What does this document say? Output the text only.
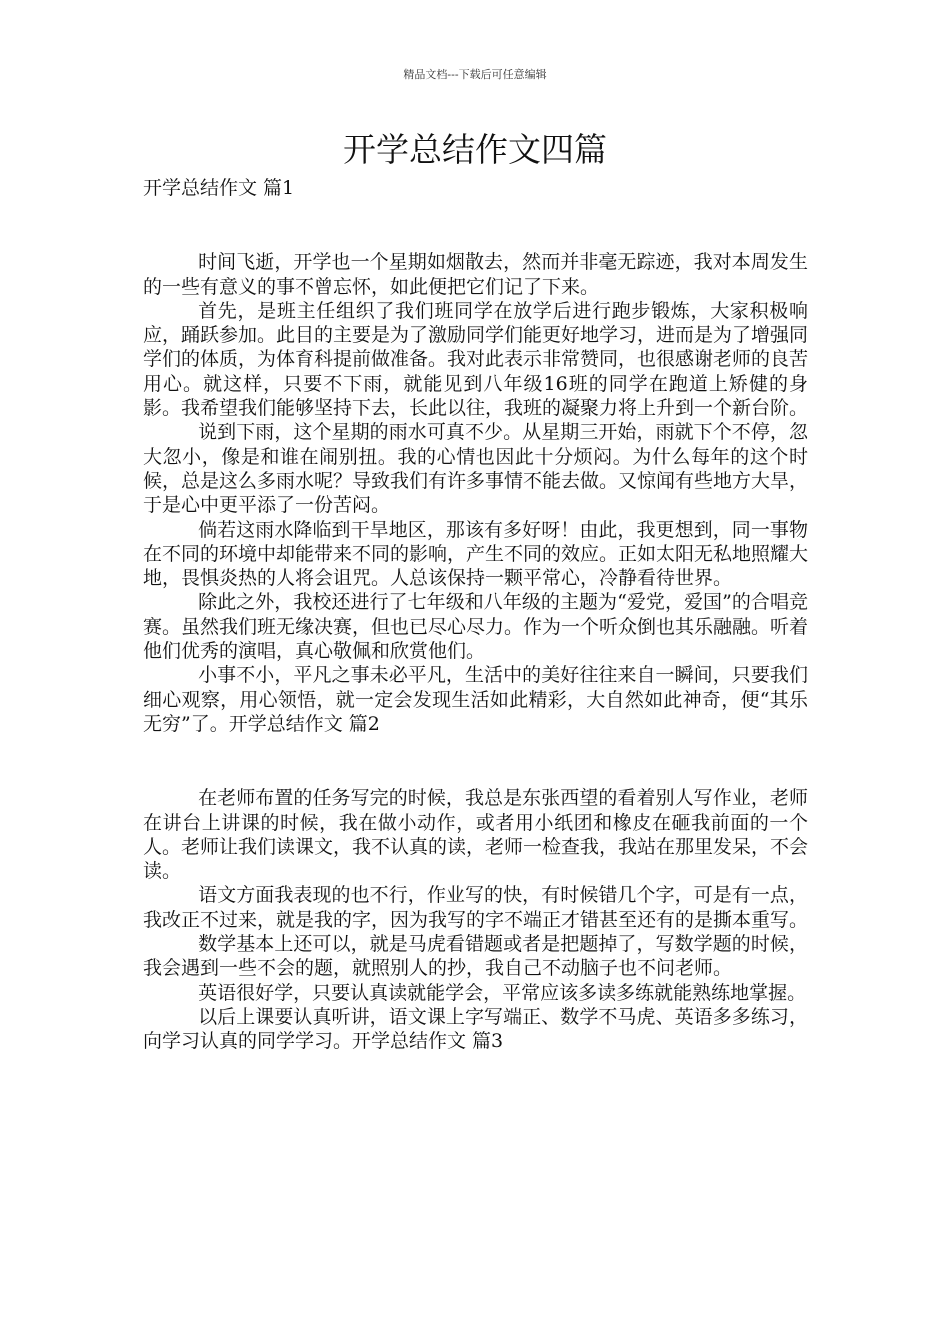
精品文档---下载后可任意编辑
开学总结作文四篇

开学总结作文 篇1

时间飞逝，开学也一个星期如烟散去，然而并非毫无踪迹，我对本周发生的一些有意义的事不曾忘怀，如此便把它们记了下来。

首先，是班主任组织了我们班同学在放学后进行跑步锻炼，大家积极响应，踊跃参加。此目的主要是为了激励同学们能更好地学习，进而是为了增强同学们的体质，为体育科提前做准备。我对此表示非常赞同，也很感谢老师的良苦用心。就这样，只要不下雨，就能见到八年级16班的同学在跑道上矫健的身影。我希望我们能够坚持下去，长此以往，我班的凝聚力将上升到一个新台阶。

说到下雨，这个星期的雨水可真不少。从星期三开始，雨就下个不停，忽大忽小，像是和谁在闹别扭。我的心情也因此十分烦闷。为什么每年的这个时候，总是这么多雨水呢？导致我们有许多事情不能去做。又惊闻有些地方大旱，于是心中更平添了一份苦闷。

倘若这雨水降临到干旱地区，那该有多好呀！由此，我更想到，同一事物在不同的环境中却能带来不同的影响，产生不同的效应。正如太阳无私地照耀大地，畏惧炎热的人将会诅咒。人总该保持一颗平常心，冷静看待世界。

除此之外，我校还进行了七年级和八年级的主题为“爱党，爱国”的合唱竞赛。虽然我们班无缘决赛，但也已尽心尽力。作为一个听众倒也其乐融融。听着他们优秀的演唱，真心敬佩和欣赏他们。

小事不小，平凡之事未必平凡，生活中的美好往往来自一瞬间，只要我们细心观察，用心领悟，就一定会发现生活如此精彩，大自然如此神奇，便“其乐无穷”了。开学总结作文 篇2

在老师布置的任务写完的时候，我总是东张西望的看着别人写作业，老师在讲台上讲课的时候，我在做小动作，或者用小纸团和橡皮在砸我前面的一个人。老师让我们读课文，我不认真的读，老师一检查我，我站在那里发呆，不会读。

语文方面我表现的也不行，作业写的快，有时候错几个字，可是有一点，我改正不过来，就是我的字，因为我写的字不端正才错甚至还有的是撕本重写。

数学基本上还可以，就是马虎看错题或者是把题掉了，写数学题的时候，我会遇到一些不会的题，就照别人的抄，我自己不动脑子也不问老师。

英语很好学，只要认真读就能学会，平常应该多读多练就能熟练地掌握。

以后上课要认真听讲，语文课上字写端正、数学不马虎、英语多多练习，向学习认真的同学学习。开学总结作文 篇3
